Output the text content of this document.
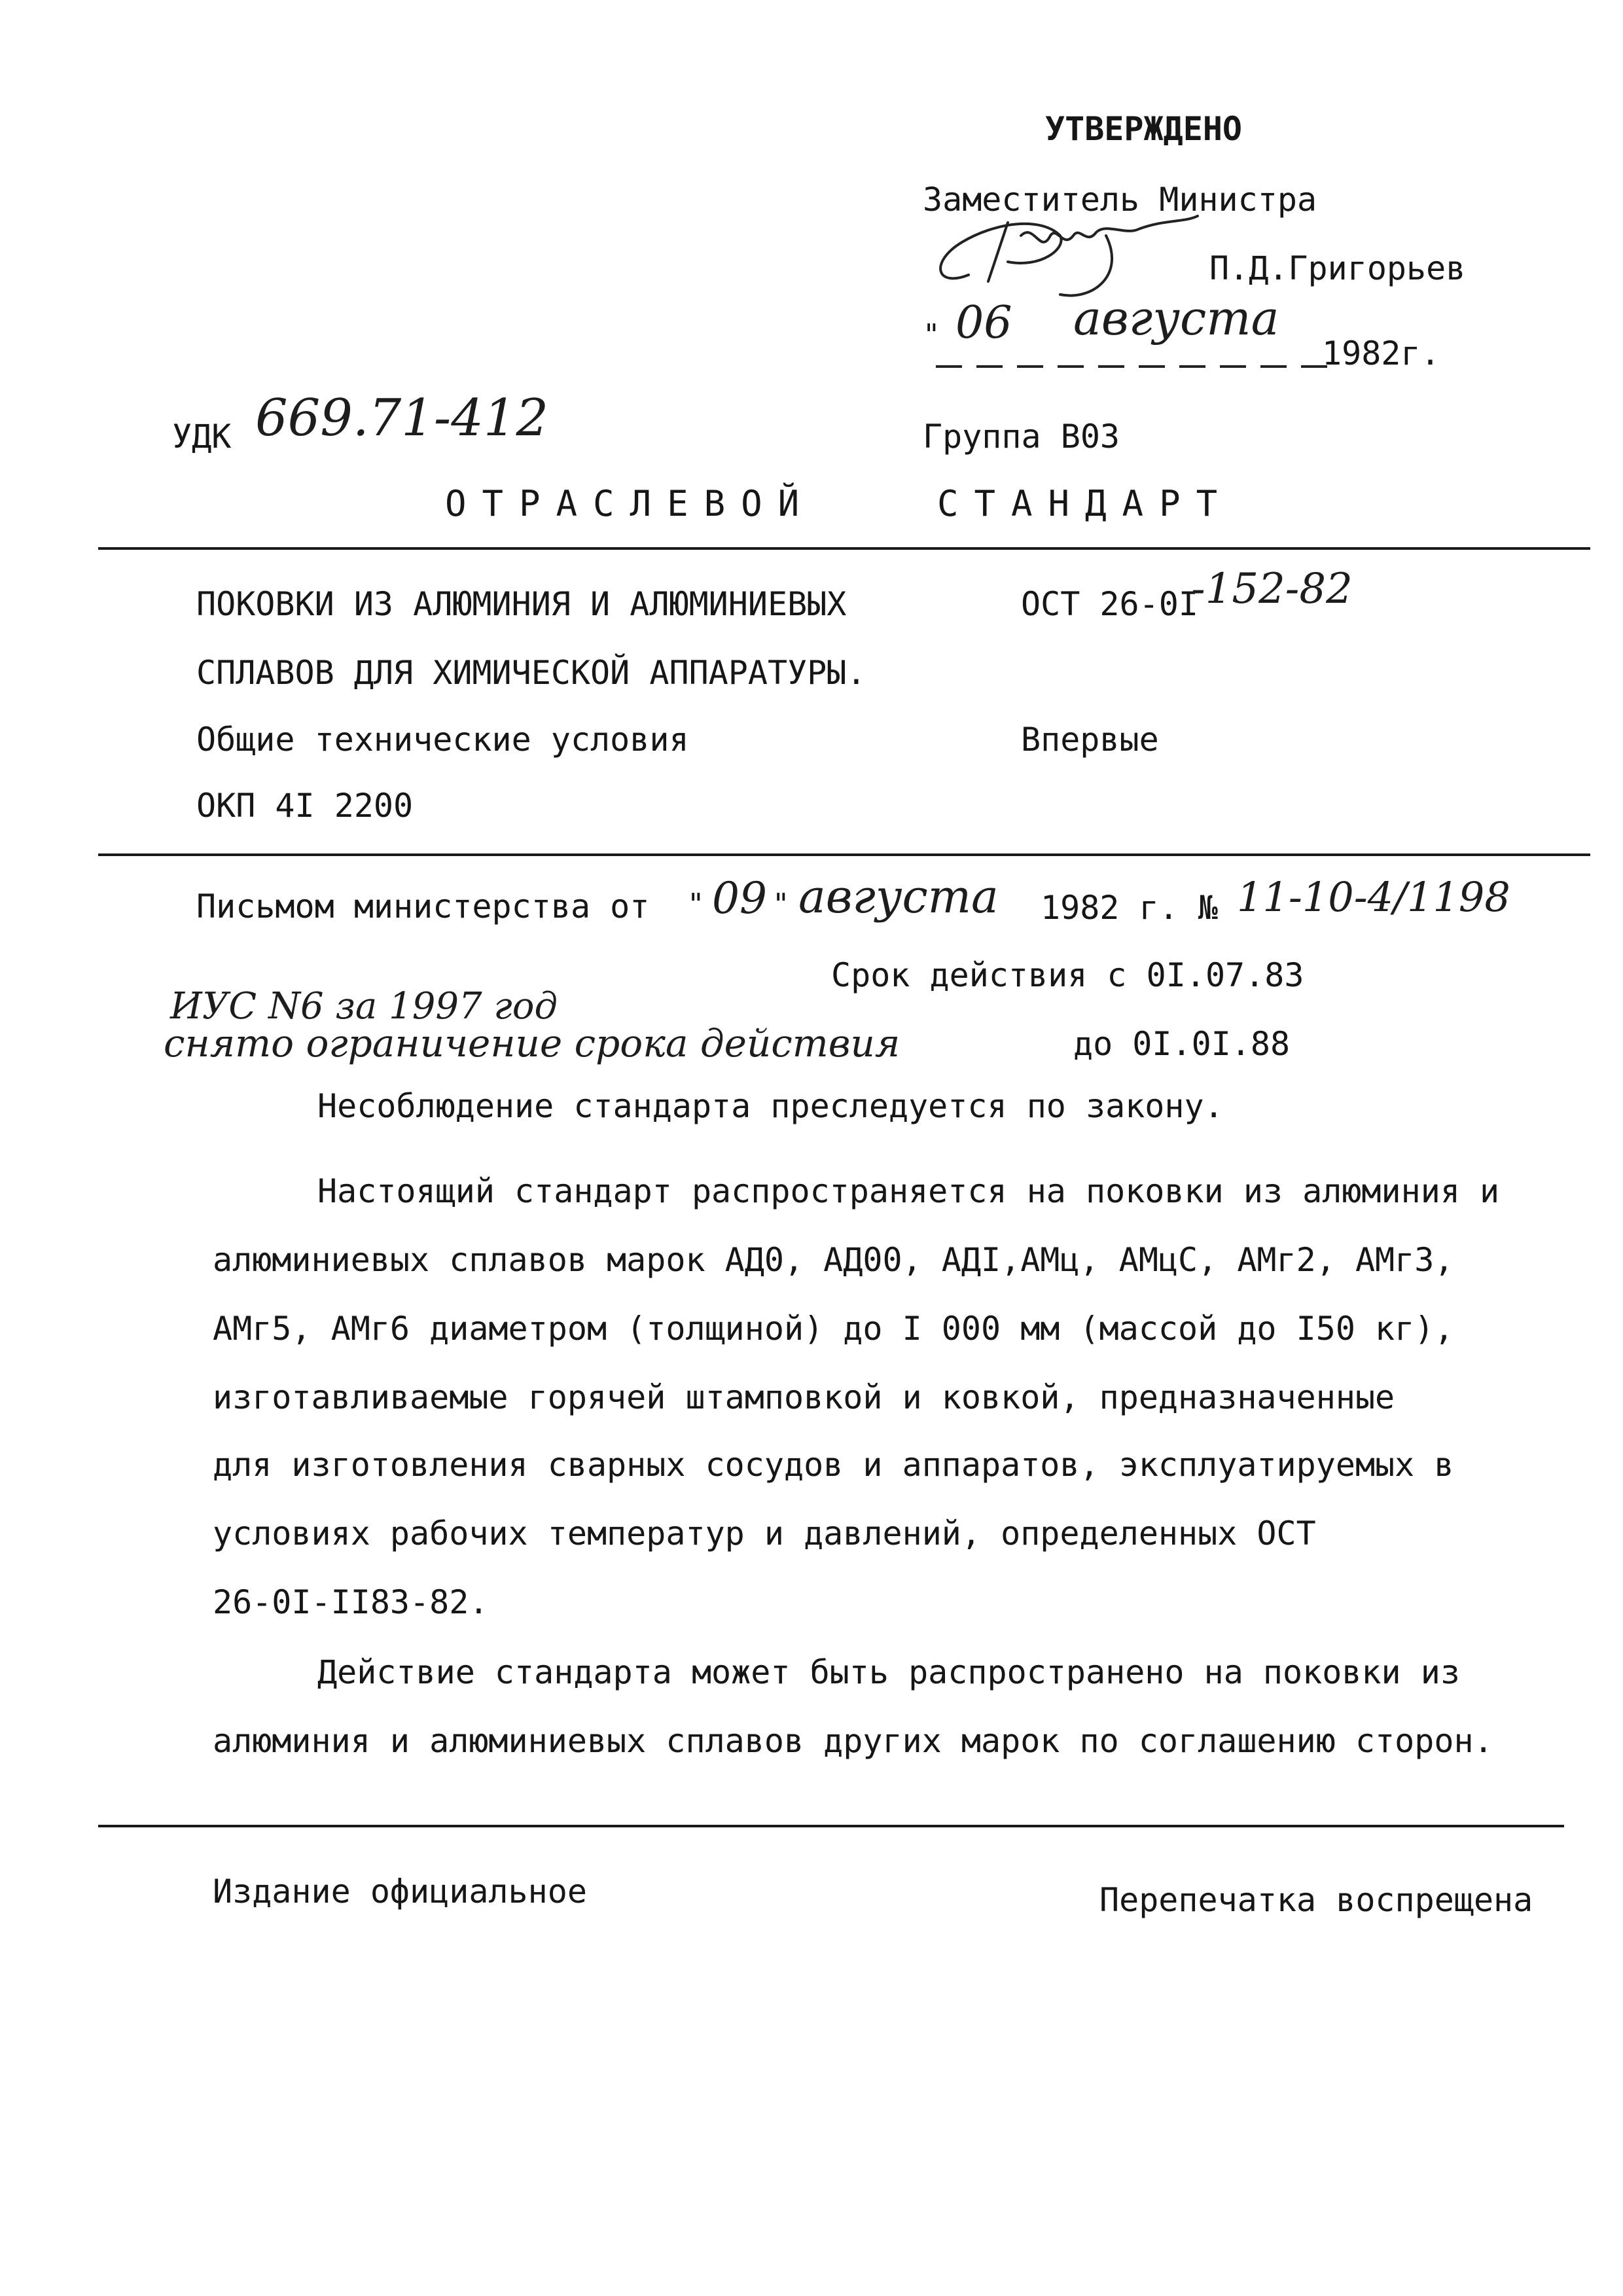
УТВЕРЖДЕНО
Заместитель Министра
П.Д.Григорьев
" 06 августа
1982г.
УДК 669.71-412	Группа В03
ОТРАСЛЕВОЙ	СТАНДАРТ
ПОКОВКИ ИЗ АЛЮМИНИЯ И АЛЮМИНИЕВЫХ
СПЛАВОВ ДЛЯ ХИМИЧЕСКОЙ АППАРАТУРЫ.
Общие технические условия
ОКП 4I 2200
ОСТ 26-0I
-152-82
Впервые
Письмом министерства от " 09 " августа 1982 г. № 11-10-4/1198
Срок действия с 0I.07.83
ИУС N6 за 1997 год
снято ограничение срока действия	до 0I.0I.88
Несоблюдение стандарта преследуется по закону.
Настоящий стандарт распространяется на поковки из алюминия и
алюминиевых сплавов марок АД0, АД00, АДI,АМц, АМцС, АМг2, АМг3,
АМг5, АМг6 диаметром (толщиной) до I 000 мм (массой до I50 кг),
изготавливаемые горячей штамповкой и ковкой, предназначенные
для изготовления сварных сосудов и аппаратов, эксплуатируемых в
условиях рабочих температур и давлений, определенных ОСТ
26-0I-II83-82.
Действие стандарта может быть распространено на поковки из
алюминия и алюминиевых сплавов других марок по соглашению сторон.
Издание официальное	Перепечатка воспрещена
